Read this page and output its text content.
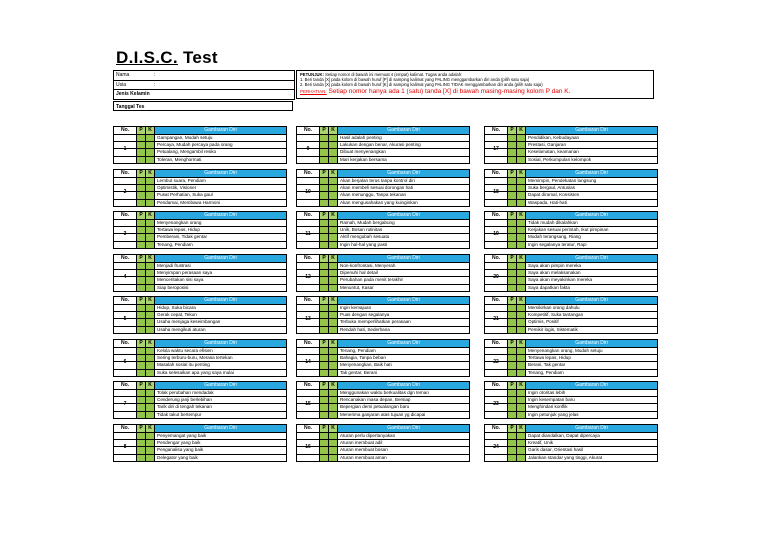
D.I.S.C. Test
Nama	:
Usia	:
Jenis Kelamin
PETUNJUK: Setiap nomor di bawah ini memuat 4 (empat) kalimat. Tugas anda adalah:
1. Beri tanda [X] pada kolom di bawah huruf [P] di samping kalimat yang PALING menggambarkan diri anda (pilih satu saja)
2. Beri tanda [X] pada kolom di bawah huruf [K] di samping kalimat yang PALING TIDAK menggambarkan diri anda (pilih satu saja)
PERHATIAN: Setiap nomor hanya ada 1 (satu) tanda [X] di bawah masing-masing kolom P dan K.
Tanggal Tes
No.	P	K	Gambaran Diri
1
Gampangan, Mudah setuju
Percaya, Mudah percaya pada orang
Petualang, Mengambil resiko
Toleran, Menghormati
No.	P	K	Gambaran Diri
2
Lembut suara, Pendiam
Optimistik, Visioner
Pusat Perhatian, Suka gaul
Pendamai, Membawa Harmoni
No.	P	K	Gambaran Diri
3
Menyenangkan orang
Tertawa lepas, Hidup
Pemberani, Tidak gentar
Tenang, Pendiam
No.	P	K	Gambaran Diri
4
Menjadi frustrasi
Menyimpan perasaan saya
Menceritakan sisi saya
Siap beroposisi
No.	P	K	Gambaran Diri
5
Hidup, Suka bicara
Gerak cepat, Tekun
Usaha menjaga keseimbangan
Usaha mengikuti aturan
No.	P	K	Gambaran Diri
6
Kelola waktu secara efisien
Sering terburu-buru, Merasa tertekan
Masalah sosial itu penting
Suka selesaikan apa yang saya mulai
No.	P	K	Gambaran Diri
7
Tolak perubahan mendadak
Cenderung janji berlebihan
Tarik diri di tengah tekanan
Tidak takut bertempur
No.	P	K	Gambaran Diri
8
Penyemangat yang baik
Pendengar yang baik
Penganalisa yang baik
Delegator yang baik
No.	P	K	Gambaran Diri
9
Hasil adalah penting
Lakukan dengan benar, Akurasi penting
Dibuat menyenangkan
Mari kerjakan bersama
No.	P	K	Gambaran Diri
10
Akan berjalan terus tanpa kontrol diri
Akan membeli sesuai dorongan hati
Akan menunggu, Tanpa tekanan
Akan mengusahakan yang kuinginkan
No.	P	K	Gambaran Diri
11
Ramah, Mudah bergabung
Unik, Bosan rutinitas
Aktif mengubah sesuatu
Ingin hal-hal yang pasti
No.	P	K	Gambaran Diri
12
Non-konfrontasi, Menyerah
Dipenuhi hal detail
Perubahan pada menit terakhir
Menuntut, Kasar
No.	P	K	Gambaran Diri
13
Ingin kemajuan
Puas dengan segalanya
Terbuka memperlihatkan perasaan
Rendah hati, Sederhana
No.	P	K	Gambaran Diri
14
Tenang, Pendiam
Bahagia, Tanpa beban
Menyenangkan, Baik hati
Tak gentar, Berani
No.	P	K	Gambaran Diri
15
Menggunakan waktu berkualitas dgn teman
Rencanakan masa depan, Bersiap
Bepergian demi petualangan baru
Menerima ganjaran atas tujuan yg dicapai
No.	P	K	Gambaran Diri
16
Aturan perlu dipertanyakan
Aturan membuat adil
Aturan membuat bosan
Aturan membuat aman
No.	P	K	Gambaran Diri
17
Pendidikan, Kebudayaan
Prestasi, Ganjaran
Keselamatan, keamanan
Sosial, Perkumpulan kelompok
No.	P	K	Gambaran Diri
18
Memimpin, Pendekatan langsung
Suka bergaul, Antusias
Dapat diramal, Konsisten
Waspada, Hati-hati
No.	P	K	Gambaran Diri
19
Tidak mudah dikalahkan
Kerjakan sesuai perintah, Ikut pimpinan
Mudah terangsang, Riang
Ingin segalanya teratur, Rapi
No.	P	K	Gambaran Diri
20
Saya akan pimpin mereka
Saya akan melaksanakan
Saya akan meyakinkan mereka
Saya dapatkan fakta
No.	P	K	Gambaran Diri
21
Memikirkan orang dahulu
Kompetitif, Suka tantangan
Optimis, Positif
Pemikir logis, Sistematik
No.	P	K	Gambaran Diri
22
Menyenangkan orang, Mudah setuju
Tertawa lepas, Hidup
Berani, Tak gentar
Tenang, Pendiam
No.	P	K	Gambaran Diri
23
Ingin otoritas lebih
Ingin kesempatan baru
Menghindari konflik
Ingin petunjuk yang jelas
No.	P	K	Gambaran Diri
24
Dapat diandalkan, Dapat dipercaya
Kreatif, Unik
Garis dasar, Orientasi hasil
Jalankan standar yang tinggi, Akurat
